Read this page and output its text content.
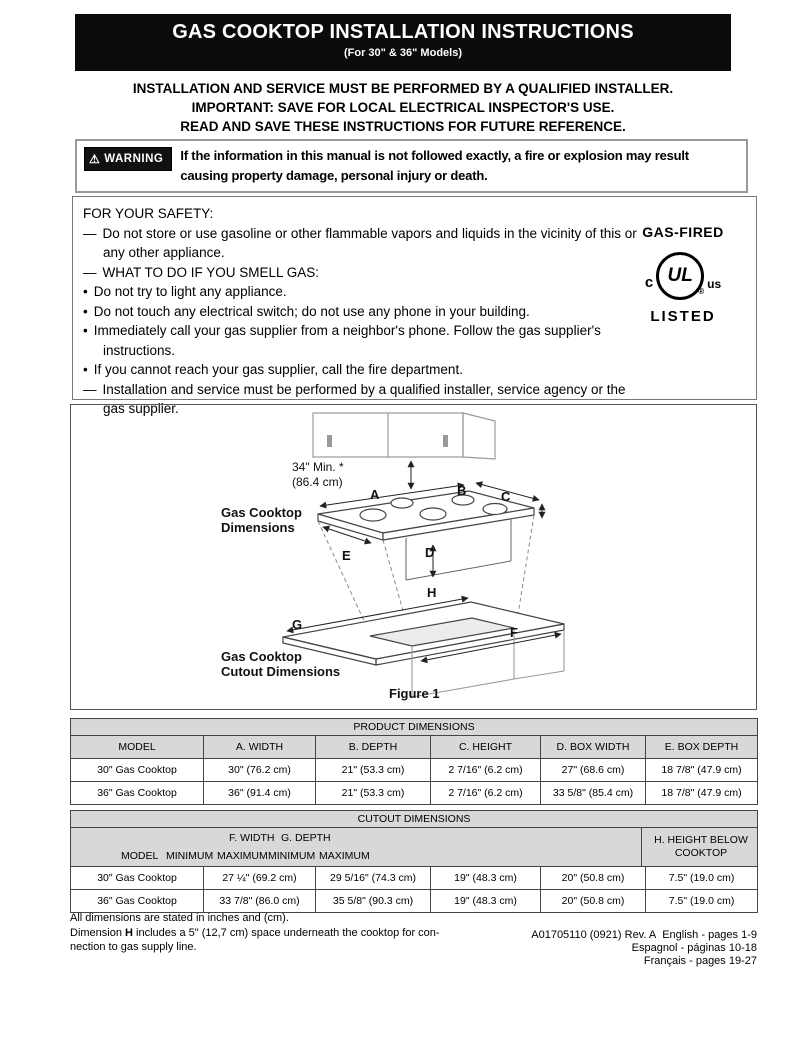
GAS COOKTOP INSTALLATION INSTRUCTIONS
(For 30" & 36" Models)
INSTALLATION AND SERVICE MUST BE PERFORMED BY A QUALIFIED INSTALLER.
IMPORTANT: SAVE FOR LOCAL ELECTRICAL INSPECTOR'S USE.
READ AND SAVE THESE INSTRUCTIONS FOR FUTURE REFERENCE.
⚠ WARNING If the information in this manual is not followed exactly, a fire or explosion may result causing property damage, personal injury or death.
FOR YOUR SAFETY:
— Do not store or use gasoline or other flammable vapors and liquids in the vicinity of this or any other appliance.
— WHAT TO DO IF YOU SMELL GAS:
• Do not try to light any appliance.
• Do not touch any electrical switch; do not use any phone in your building.
• Immediately call your gas supplier from a neighbor's phone. Follow the gas supplier's instructions.
• If you cannot reach your gas supplier, call the fire department.
— Installation and service must be performed by a qualified installer, service agency or the gas supplier.
GAS-FIRED
c UL
®
us
LISTED
34" Min. *
(86.4 cm)
A	B	C
D
E
H
G
F
Gas Cooktop
Dimensions
Gas Cooktop
Cutout Dimensions
Figure 1
PRODUCT DIMENSIONS					
MODEL	A. WIDTH	B. DEPTH	C. HEIGHT	D. BOX WIDTH	E. BOX DEPTH
30" Gas Cooktop	30" (76.2 cm)	21" (53.3 cm)	2 7/16" (6.2 cm)	27" (68.6 cm)	18 7/8" (47.9 cm)
36" Gas Cooktop	36" (91.4 cm)	21" (53.3 cm)	2 7/16" (6.2 cm)	33 5/8" (85.4 cm)	18 7/8" (47.9 cm)
CUTOUT DIMENSIONS					

F. WIDTH G. DEPTH
MODEL MINIMUM MAXIMUM MINIMUM MAXIMUM
H. HEIGHT BELOW COOKTOP

30" Gas Cooktop	27 ¼" (69.2 cm)	29 5/16" (74.3 cm)	19" (48.3 cm)	20" (50.8 cm)	7.5" (19.0 cm)
36" Gas Cooktop	33 7/8" (86.0 cm)	35 5/8" (90.3 cm)	19" (48.3 cm)	20" (50.8 cm)	7.5" (19.0 cm)
All dimensions are stated in inches and (cm).
Dimension H includes a 5" (12,7 cm) space underneath the cooktop for con-
nection to gas supply line.
A01705110 (0921) Rev. A English - pages 1-9
Espagnol - páginas 10-18
Français - pages 19-27
